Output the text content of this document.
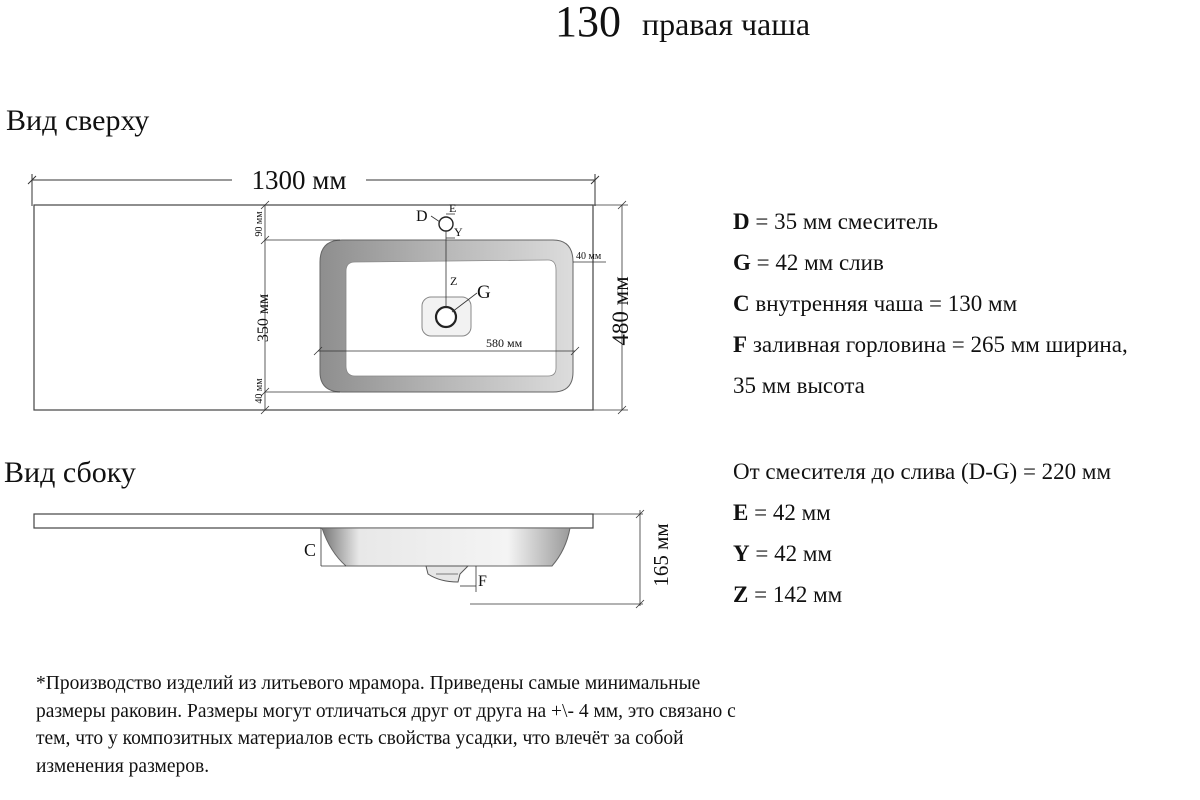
130 правая чаша
Вид сверху
Вид сбоку
1300 мм
Z
D E
Y
G
580 мм
90 мм
350 мм
40 мм
40 мм
480 мм
C
F	165 мм
D = 35 мм смеситель
G = 42 мм слив
C внутренняя чаша = 130 мм
F заливная горловина = 265 мм ширина,
35 мм высота
От смесителя до слива (D-G) = 220 мм
E = 42 мм
Y = 42 мм
Z = 142 мм
*Производство изделий из литьевого мрамора. Приведены самые минимальные размеры раковин. Размеры могут отличаться друг от друга на +\- 4 мм, это связано с тем, что у композитных материалов есть свойства усадки, что влечёт за собой изменения размеров.
